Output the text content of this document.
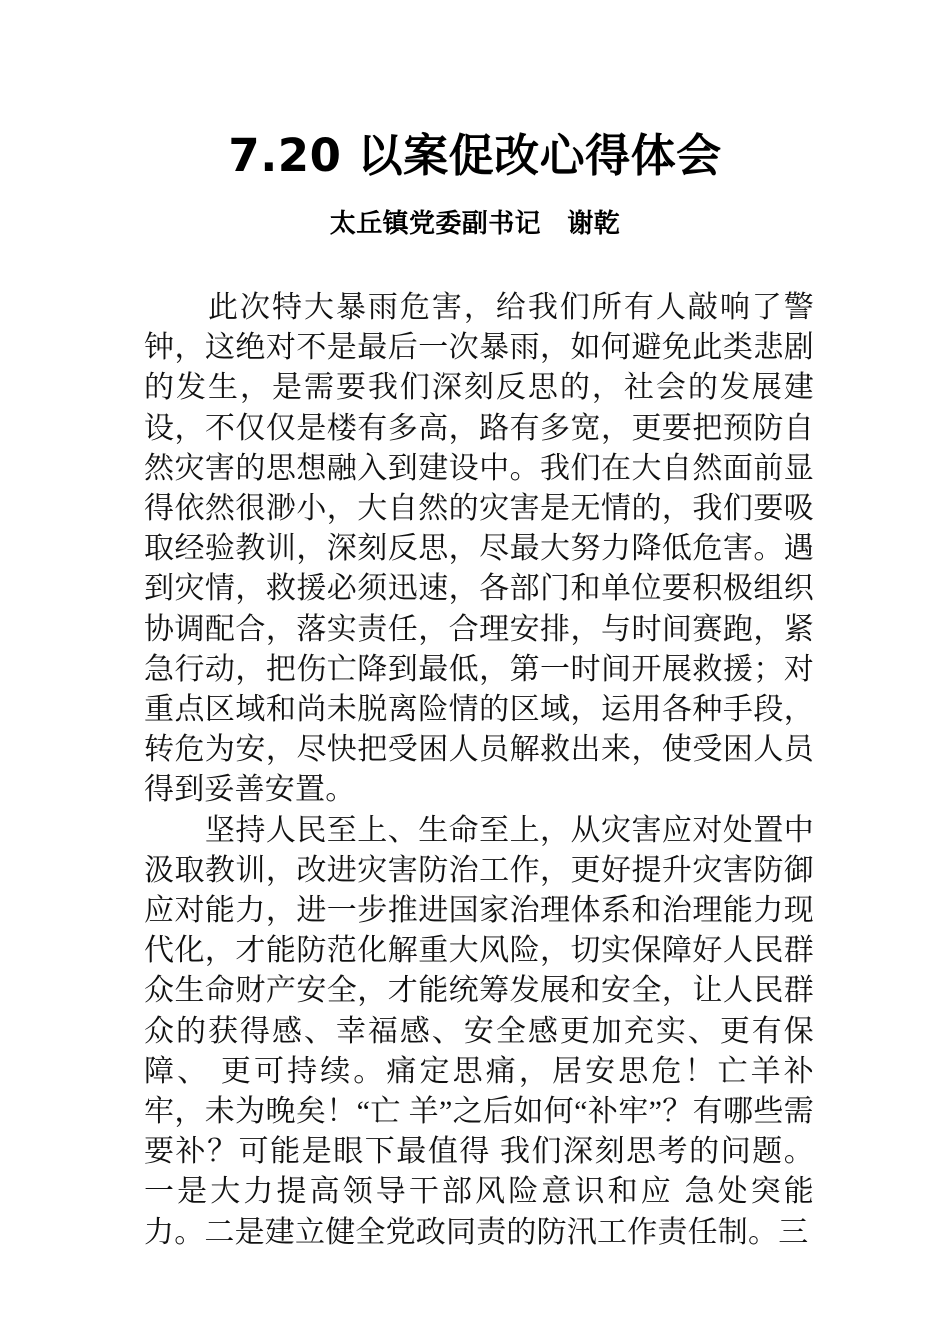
7.20 以案促改心得体会
太丘镇党委副书记　谢乾

　　此次特大暴雨危害，给我们所有人敲响了警钟，这绝对不是最后一次暴雨，如何避免此类悲剧的发生，是需要我们深刻反思的，社会的发展建设，不仅仅是楼有多高，路有多宽，更要把预防自然灾害的思想融入到建设中。我们在大自然面前显得依然很渺小，大自然的灾害是无情的，我们要吸取经验教训，深刻反思，尽最大努力降低危害。遇到灾情，救援必须迅速，各部门和单位要积极组织协调配合，落实责任，合理安排，与时间赛跑，紧急行动，把伤亡降到最低，第一时间开展救援；对重点区域和尚未脱离险情的区域，运用各种手段，转危为安，尽快把受困人员解救出来，使受困人员得到妥善安置。

　　坚持人民至上、生命至上，从灾害应对处置中汲取教训，改进灾害防治工作，更好提升灾害防御应对能力，进一步推进国家治理体系和治理能力现代化，才能防范化解重大风险，切实保障好人民群众生命财产安全，才能统筹发展和安全，让人民群众的获得感、幸福感、安全感更加充实、更有保障、 更可持续。痛定思痛，居安思危！亡羊补牢，未为晚矣！“亡 羊”之后如何“补牢”？有哪些需要补？可能是眼下最值得 我们深刻思考的问题。一是大力提高领导干部风险意识和应 急处突能力。二是建立健全党政同责的防汛工作责任制。三
